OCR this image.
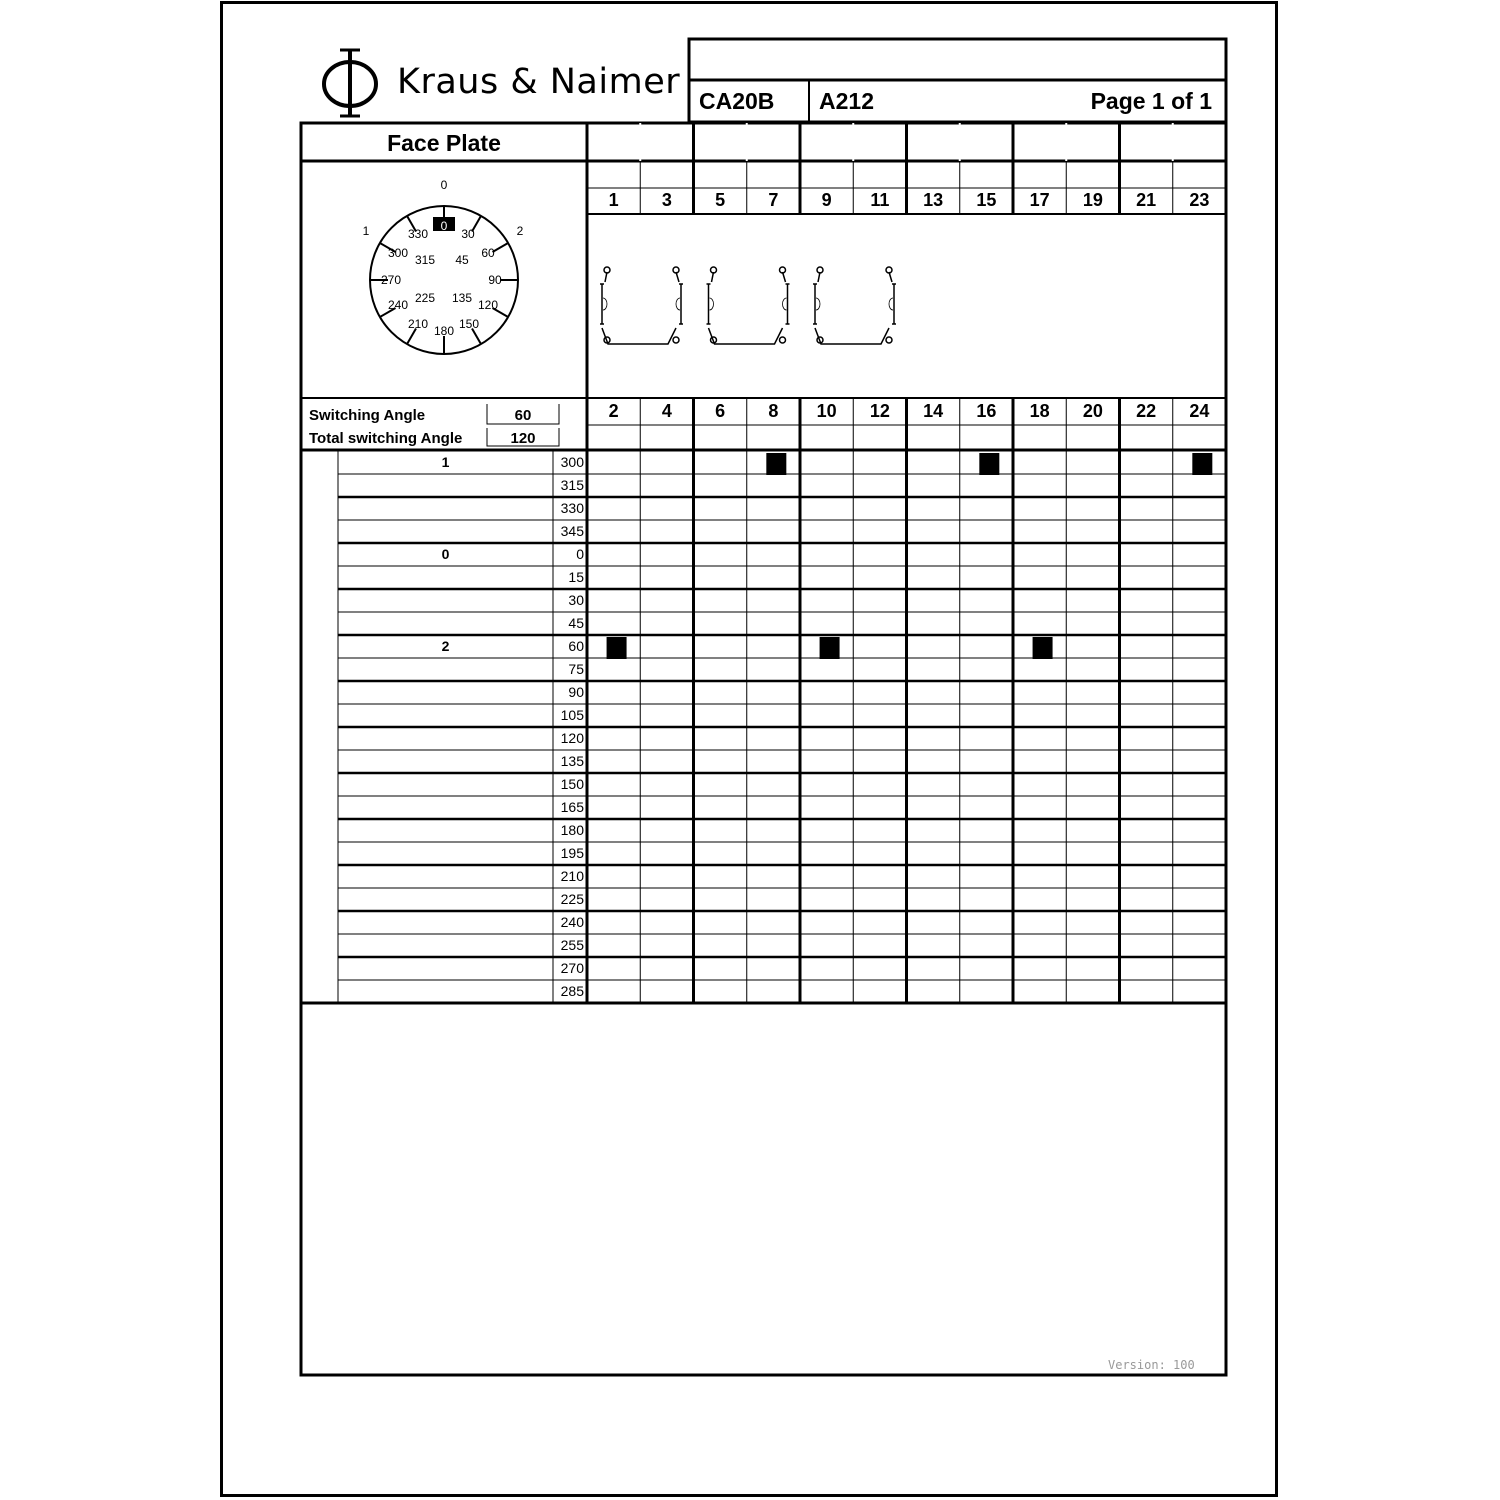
Kraus & Naimer CA20B A212	Page 1 of 1
Face Plate
0
1	2
0
30
60
90
120
150
180
210
240
270
300
330
315	45
135
225
Switching Angle	60
Total switching Angle	120
1	3	5	7	9	11	13	15	17	19	21	23
2	4	6	8	10	12	14	16	18	20	22	24
1	300
315
330
345
0	0
15
30
45
2	60
75
90
105
120
135
150
165
180
195
210
225
240
255
270
285
Version: 100
